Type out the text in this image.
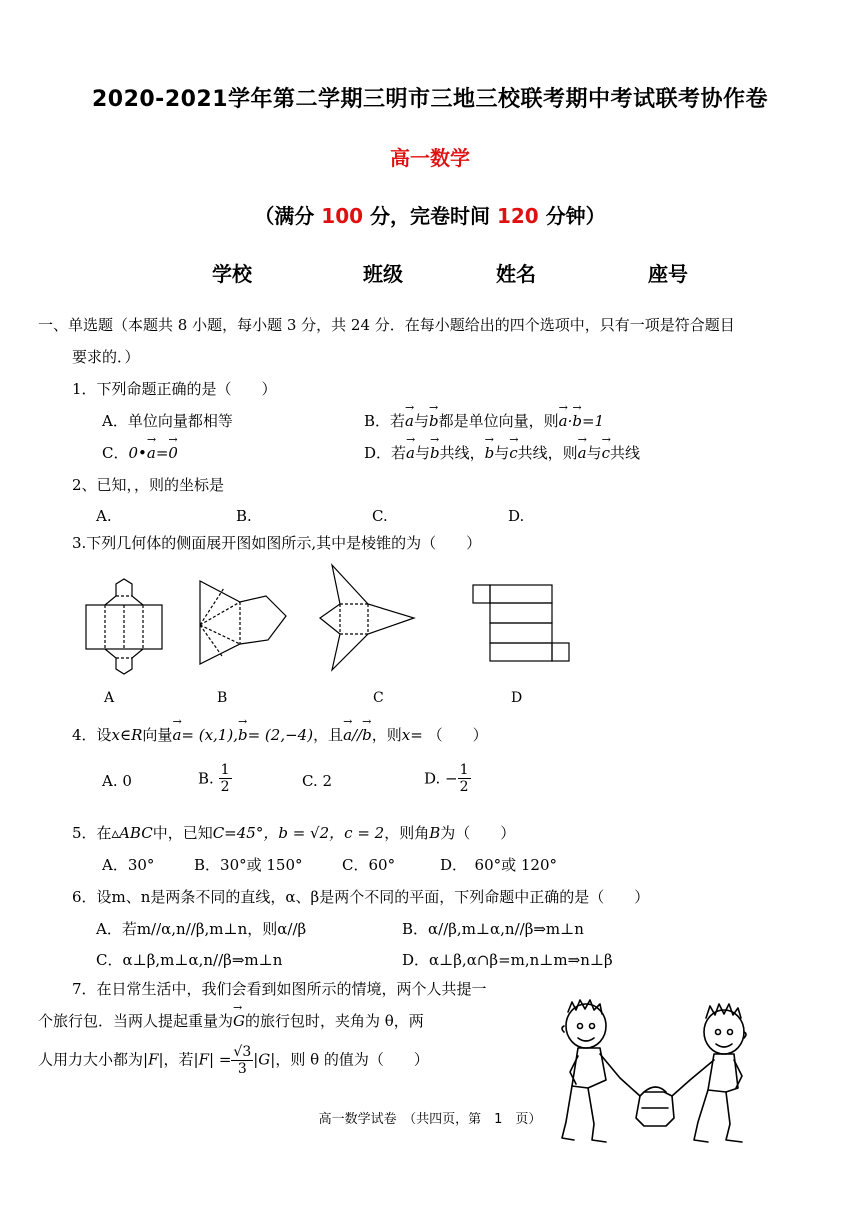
2020-2021学年第二学期三明市三地三校联考期中考试联考协作卷
高一数学
（满分 100 分，完卷时间 120 分钟）
学校	班级	姓名	座号
一、单选题（本题共 8 小题，每小题 3 分，共 24 分．在每小题给出的四个选项中，只有一项是符合题目
要求的．）
1．下列命题正确的是（　　）
A．单位向量都相等	B．若→ a与→ b都是单位向量，则→ a·→ b=1
C．0•→ a=→ 0	D．若→ a与→ b共线，→ b与→ c共线，则→ a与→ c共线
2、已知，，则的坐标是
A.	B.	C.	D.
3.下列几何体的侧面展开图如图所示,其中是棱锥的为（　　）
A	B	C	D
4．设x∈R向量→ a= (x,1),→ b= (2,−4)，且→ a//→ b，则x= （　　）
A. 0	B. $\frac{1}{2}$	C. 2	D. − $\frac{1}{2}$
5．在▵ABC中，已知C=45°，b = √2，c = 2，则角B为（　　）
A．30°	B．30°或 150°	C．60°	D．　60°或 120°
6．设m、n是两条不同的直线，α、β是两个不同的平面，下列命题中正确的是（　　）
A．若m//α,n//β,m⊥n，则α//β	B．α//β,m⊥α,n//β⇒m⊥n
C．α⊥β,m⊥α,n//β⇒m⊥n	D．α⊥β,α∩β=m,n⊥m⇒n⊥β
7．在日常生活中，我们会看到如图所示的情境，两个人共提一
个旅行包．当两人提起重量为→ G的旅行包时，夹角为 θ，两
人用力大小都为|F|，若$|F| = \frac{√3}{3} |G|$，则 θ 的值为（　　）
高一数学试卷　（共四页，第　1　页）
